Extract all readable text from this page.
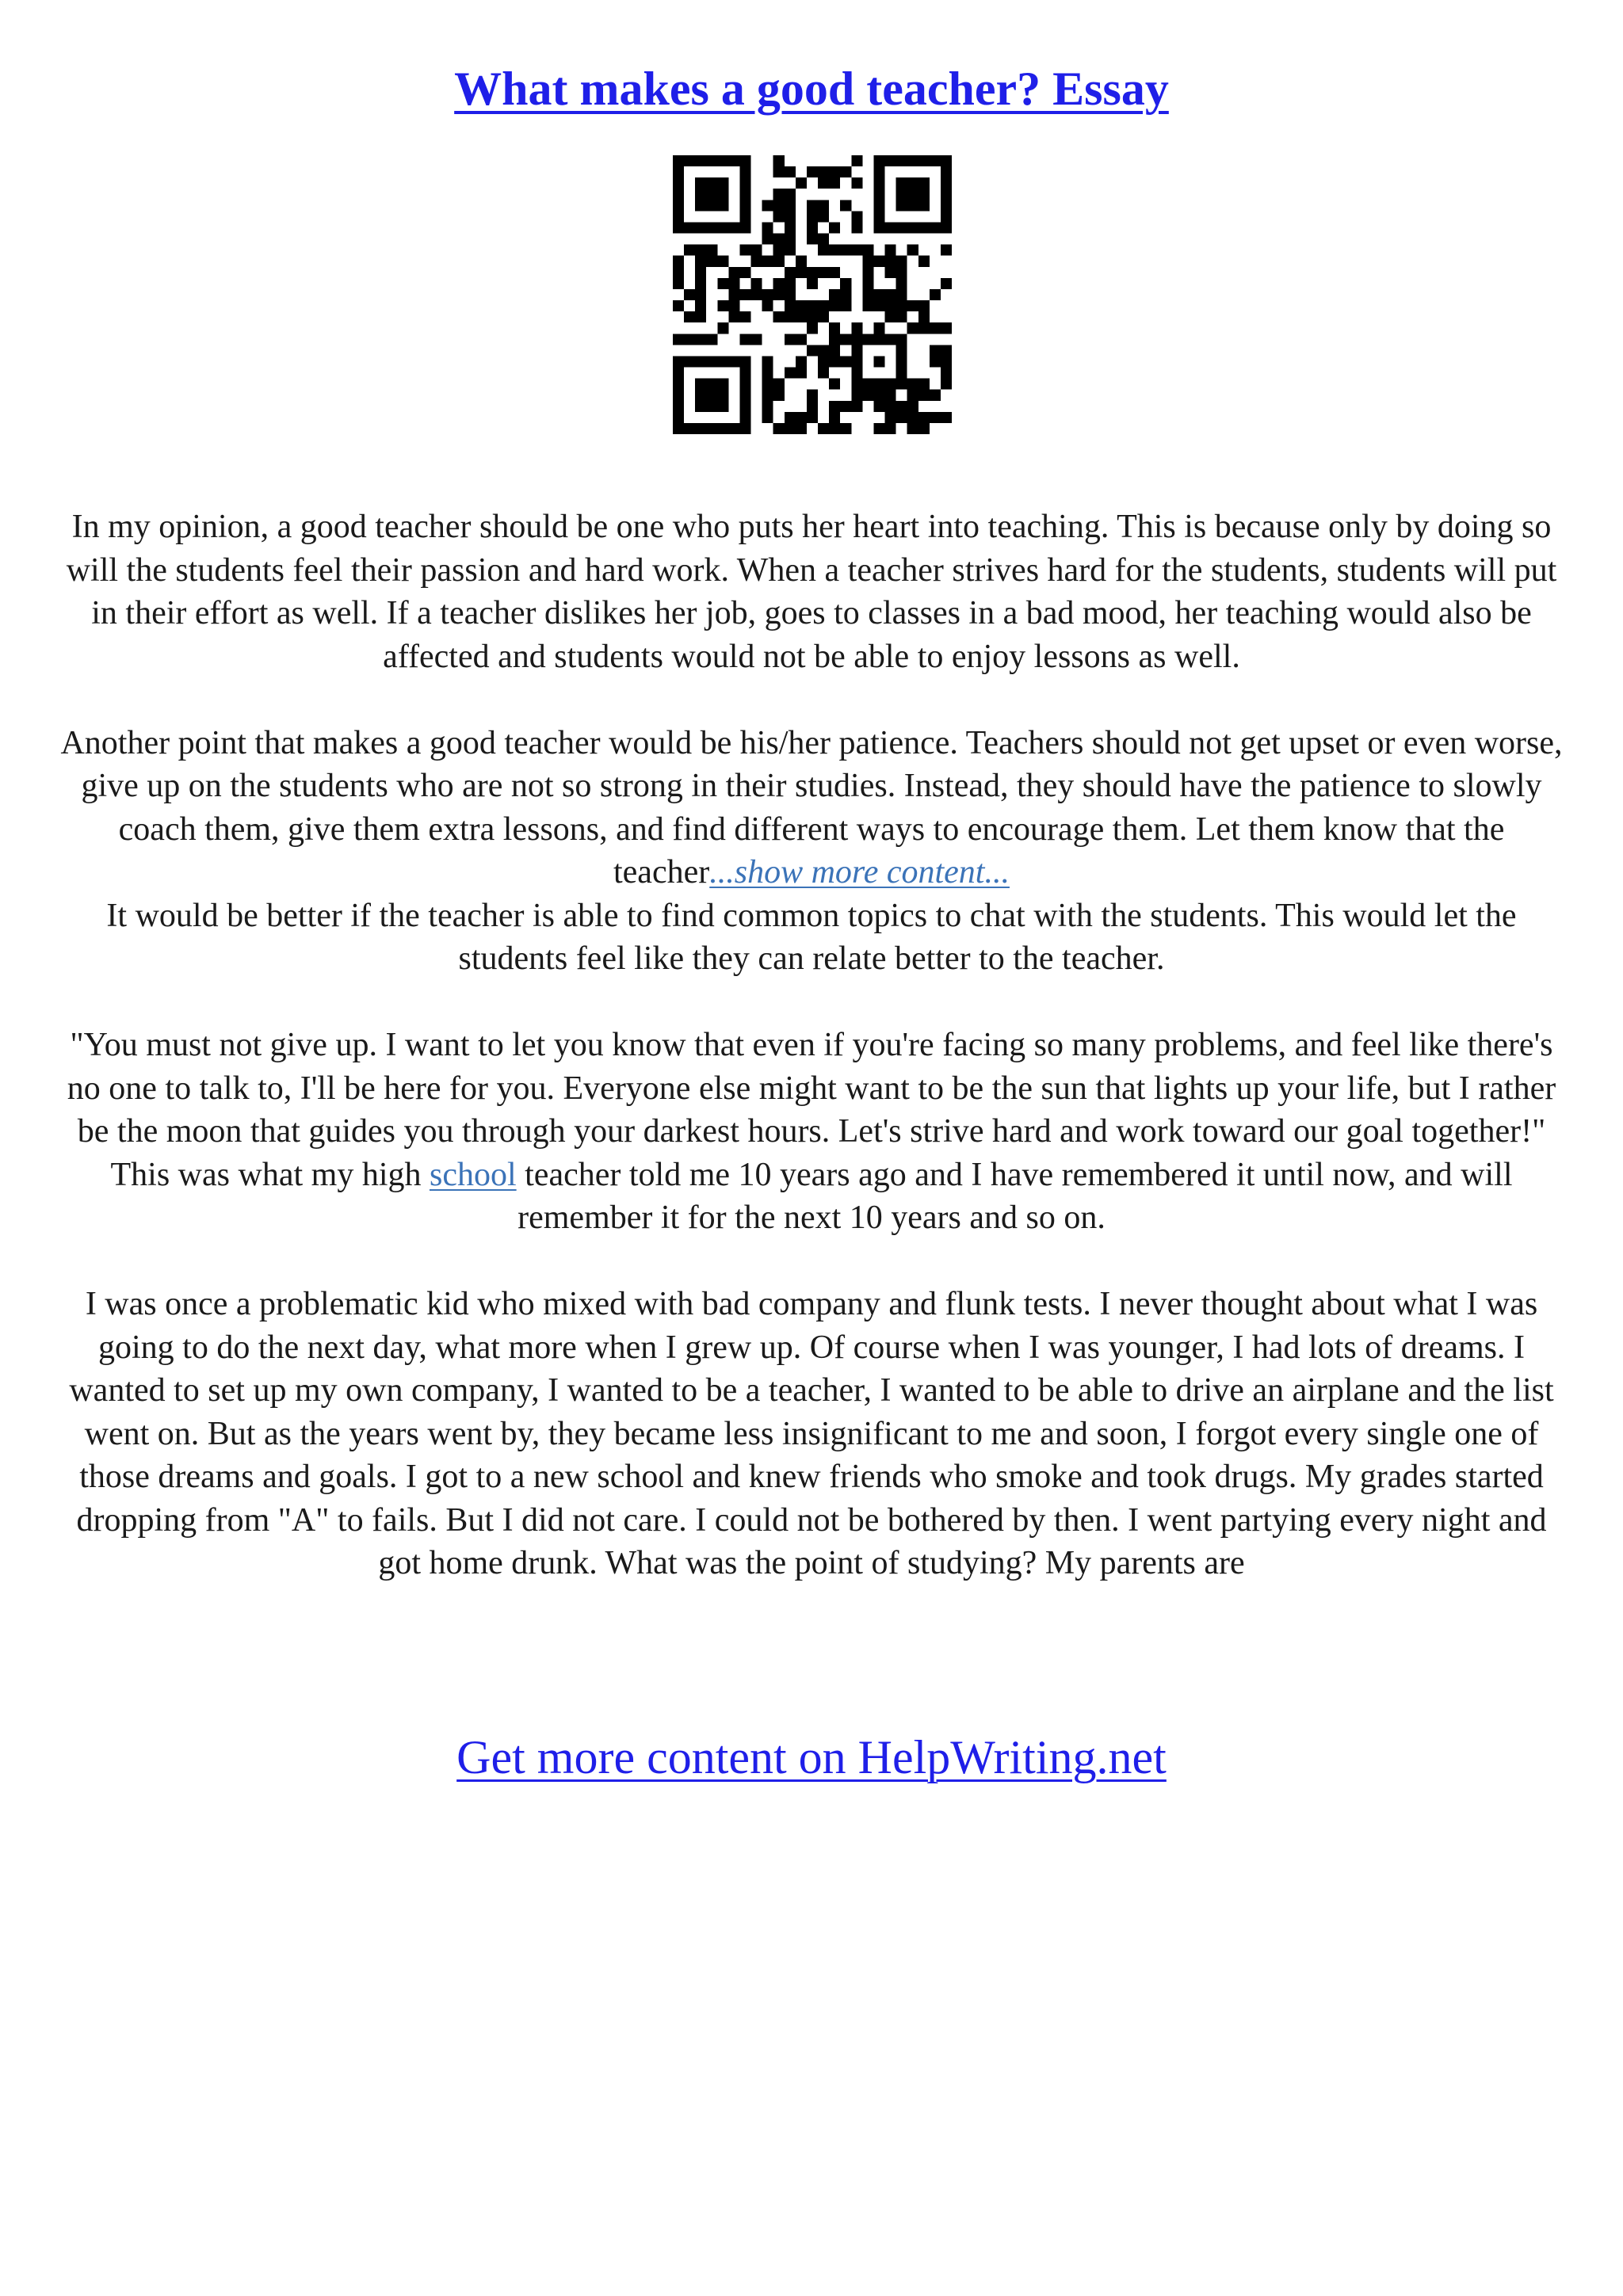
What makes a good teacher? Essay

In my opinion, a good teacher should be one who puts her heart into teaching. This is because only by doing so will the students feel their passion and hard work. When a teacher strives hard for the students, students will put in their effort as well. If a teacher dislikes her job, goes to classes in a bad mood, her teaching would also be affected and students would not be able to enjoy lessons as well.

Another point that makes a good teacher would be his/her patience. Teachers should not get upset or even worse, give up on the students who are not so strong in their studies. Instead, they should have the patience to slowly coach them, give them extra lessons, and find different ways to encourage them. Let them know that the teacher...show more content...

It would be better if the teacher is able to find common topics to chat with the students. This would let the students feel like they can relate better to the teacher.

"You must not give up. I want to let you know that even if you're facing so many problems, and feel like there's no one to talk to, I'll be here for you. Everyone else might want to be the sun that lights up your life, but I rather be the moon that guides you through your darkest hours. Let's strive hard and work toward our goal together!" This was what my high school teacher told me 10 years ago and I have remembered it until now, and will remember it for the next 10 years and so on.

I was once a problematic kid who mixed with bad company and flunk tests. I never thought about what I was going to do the next day, what more when I grew up. Of course when I was younger, I had lots of dreams. I wanted to set up my own company, I wanted to be a teacher, I wanted to be able to drive an airplane and the list went on. But as the years went by, they became less insignificant to me and soon, I forgot every single one of those dreams and goals. I got to a new school and knew friends who smoke and took drugs. My grades started dropping from "A" to fails. But I did not care. I could not be bothered by then. I went partying every night and got home drunk. What was the point of studying? My parents are

Get more content on HelpWriting.net
